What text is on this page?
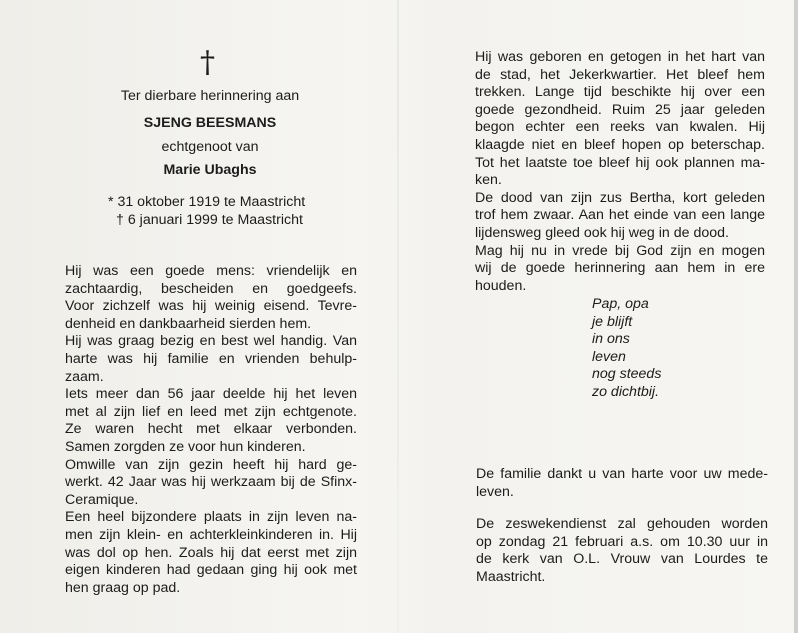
†
Ter dierbare herinnering aan
SJENG BEESMANS
echtgenoot van
Marie Ubaghs
* 31 oktober 1919 te Maastricht
† 6 januari 1999 te Maastricht
Hij was een goede mens: vriendelijk en
zachtaardig, bescheiden en goedgeefs.
Voor zichzelf was hij weinig eisend. Tevre-
denheid en dankbaarheid sierden hem.
Hij was graag bezig en best wel handig. Van
harte was hij familie en vrienden behulp-
zaam.
Iets meer dan 56 jaar deelde hij het leven
met al zijn lief en leed met zijn echtgenote.
Ze waren hecht met elkaar verbonden.
Samen zorgden ze voor hun kinderen.
Omwille van zijn gezin heeft hij hard ge-
werkt. 42 Jaar was hij werkzaam bij de Sfinx-
Ceramique.
Een heel bijzondere plaats in zijn leven na-
men zijn klein- en achterkleinkinderen in. Hij
was dol op hen. Zoals hij dat eerst met zijn
eigen kinderen had gedaan ging hij ook met
hen graag op pad.
Hij was geboren en getogen in het hart van
de stad, het Jekerkwartier. Het bleef hem
trekken. Lange tijd beschikte hij over een
goede gezondheid. Ruim 25 jaar geleden
begon echter een reeks van kwalen. Hij
klaagde niet en bleef hopen op beterschap.
Tot het laatste toe bleef hij ook plannen ma-
ken.
De dood van zijn zus Bertha, kort geleden
trof hem zwaar. Aan het einde van een lange
lijdensweg gleed ook hij weg in de dood.
Mag hij nu in vrede bij God zijn en mogen
wij de goede herinnering aan hem in ere
houden.
Pap, opa
je blijft
in ons
leven
nog steeds
zo dichtbij.
De familie dankt u van harte voor uw mede-
leven.
De zeswekendienst zal gehouden worden
op zondag 21 februari a.s. om 10.30 uur in
de kerk van O.L. Vrouw van Lourdes te
Maastricht.
